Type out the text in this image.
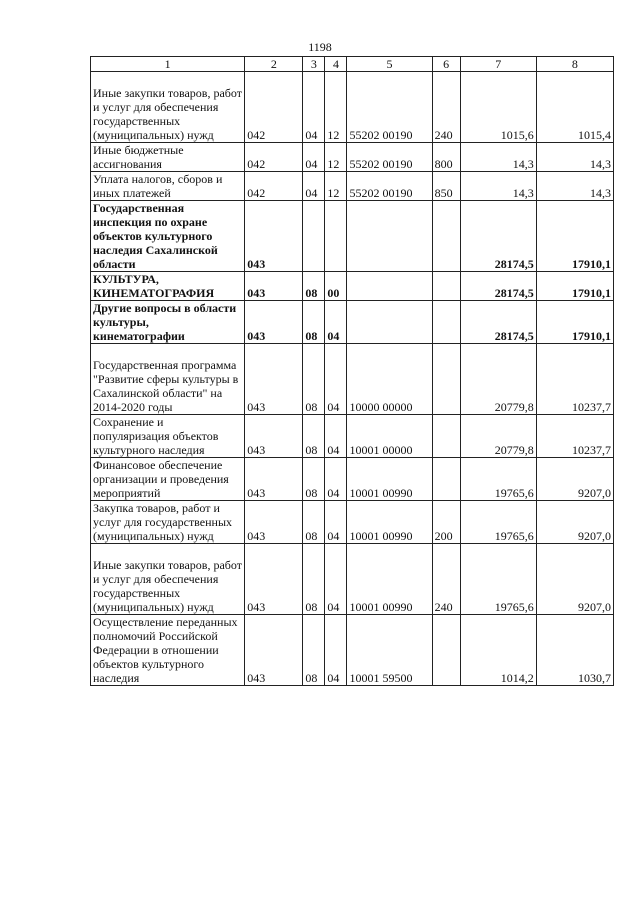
1198
1	2	3	4	5	6	7	8
Иные закупки товаров, работ и услуг для обеспечения государственных (муниципальных) нужд	042	04	12	55202 00190	240	1015,6	1015,4
Иные бюджетные ассигнования	042	04	12	55202 00190	800	14,3	14,3
Уплата налогов, сборов и иных платежей	042	04	12	55202 00190	850	14,3	14,3
Государственная инспекция по охране объектов культурного наследия Сахалинской области	043					28174,5	17910,1
КУЛЬТУРА, КИНЕМАТОГРАФИЯ	043	08	00			28174,5	17910,1
Другие вопросы в области культуры, кинематографии	043	08	04			28174,5	17910,1
Государственная программа "Развитие сферы культуры в Сахалинской области" на 2014-2020 годы	043	08	04	10000 00000		20779,8	10237,7
Сохранение и популяризация объектов культурного наследия	043	08	04	10001 00000		20779,8	10237,7
Финансовое обеспечение организации и проведения мероприятий	043	08	04	10001 00990		19765,6	9207,0
Закупка товаров, работ и услуг для государственных (муниципальных) нужд	043	08	04	10001 00990	200	19765,6	9207,0
Иные закупки товаров, работ и услуг для обеспечения государственных (муниципальных) нужд	043	08	04	10001 00990	240	19765,6	9207,0
Осуществление переданных полномочий Российской Федерации в отношении объектов культурного наследия	043	08	04	10001 59500		1014,2	1030,7
